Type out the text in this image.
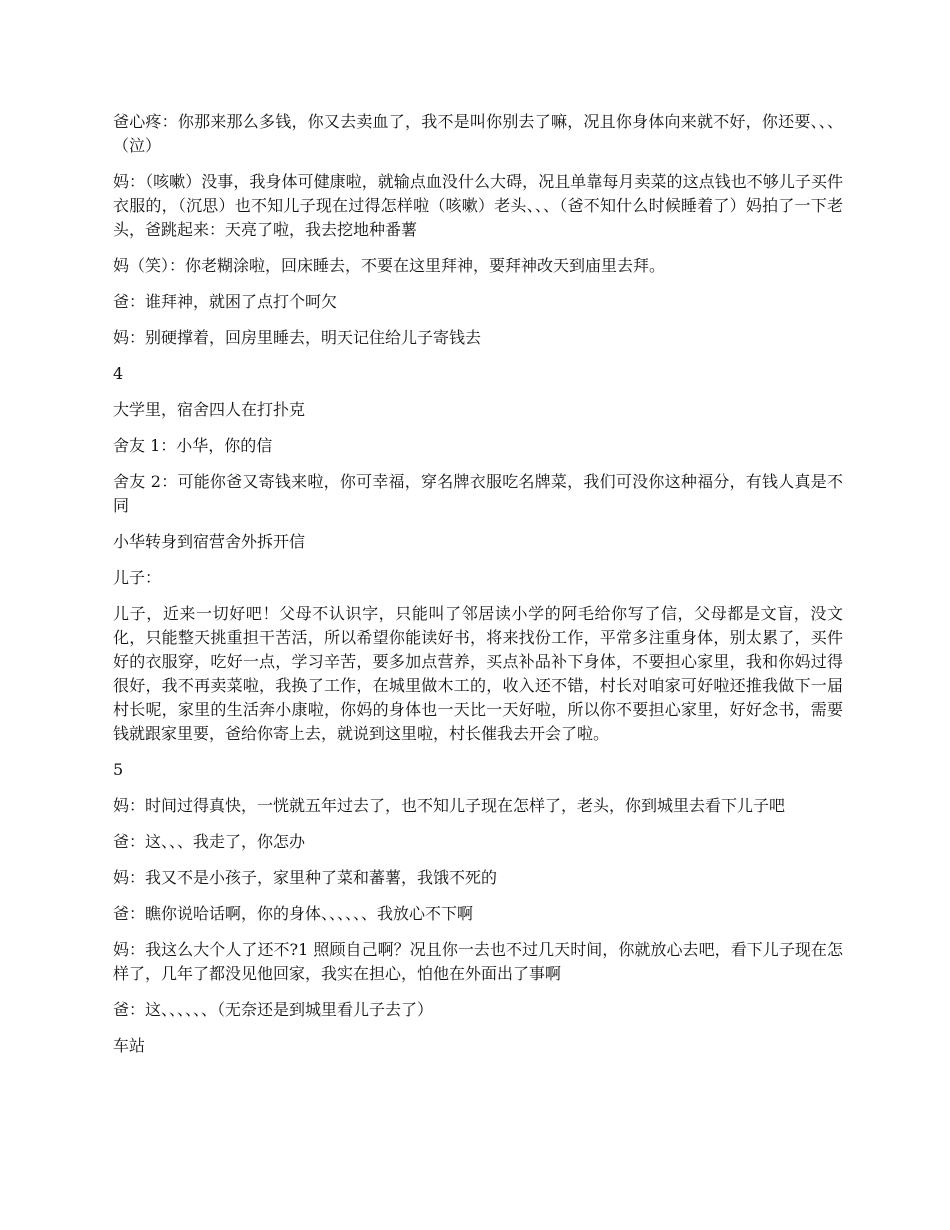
爸心疼：你那来那么多钱，你又去卖血了，我不是叫你别去了嘛，况且你身体向来就不好，你还要、、、（泣）

妈：（咳嗽）没事，我身体可健康啦，就输点血没什么大碍，况且单靠每月卖菜的这点钱也不够儿子买件衣服的，（沉思）也不知儿子现在过得怎样啦（咳嗽）老头、、、（爸不知什么时候睡着了）妈拍了一下老头，爸跳起来：天亮了啦，我去挖地种番薯

妈（笑）：你老糊涂啦，回床睡去，不要在这里拜神，要拜神改天到庙里去拜。

爸：谁拜神，就困了点打个呵欠

妈：别硬撑着，回房里睡去，明天记住给儿子寄钱去

4

大学里，宿舍四人在打扑克

舍友 1：小华，你的信

舍友 2：可能你爸又寄钱来啦，你可幸福，穿名牌衣服吃名牌菜，我们可没你这种福分，有钱人真是不同

小华转身到宿营舍外拆开信

儿子：

儿子，近来一切好吧！父母不认识字，只能叫了邻居读小学的阿毛给你写了信，父母都是文盲，没文化，只能整天挑重担干苦活，所以希望你能读好书，将来找份工作，平常多注重身体，别太累了，买件好的衣服穿，吃好一点，学习辛苦，要多加点营养，买点补品补下身体，不要担心家里，我和你妈过得很好，我不再卖菜啦，我换了工作，在城里做木工的，收入还不错，村长对咱家可好啦还推我做下一届村长呢，家里的生活奔小康啦，你妈的身体也一天比一天好啦，所以你不要担心家里，好好念书，需要钱就跟家里要，爸给你寄上去，就说到这里啦，村长催我去开会了啦。

5

妈：时间过得真快，一恍就五年过去了，也不知儿子现在怎样了，老头，你到城里去看下儿子吧

爸：这、、、我走了，你怎办

妈：我又不是小孩子，家里种了菜和蕃薯，我饿不死的

爸：瞧你说哈话啊，你的身体、、、、、、我放心不下啊

妈：我这么大个人了还不?1 照顾自己啊？况且你一去也不过几天时间，你就放心去吧，看下儿子现在怎样了，几年了都没见他回家，我实在担心，怕他在外面出了事啊

爸：这、、、、、、（无奈还是到城里看儿子去了）

车站
